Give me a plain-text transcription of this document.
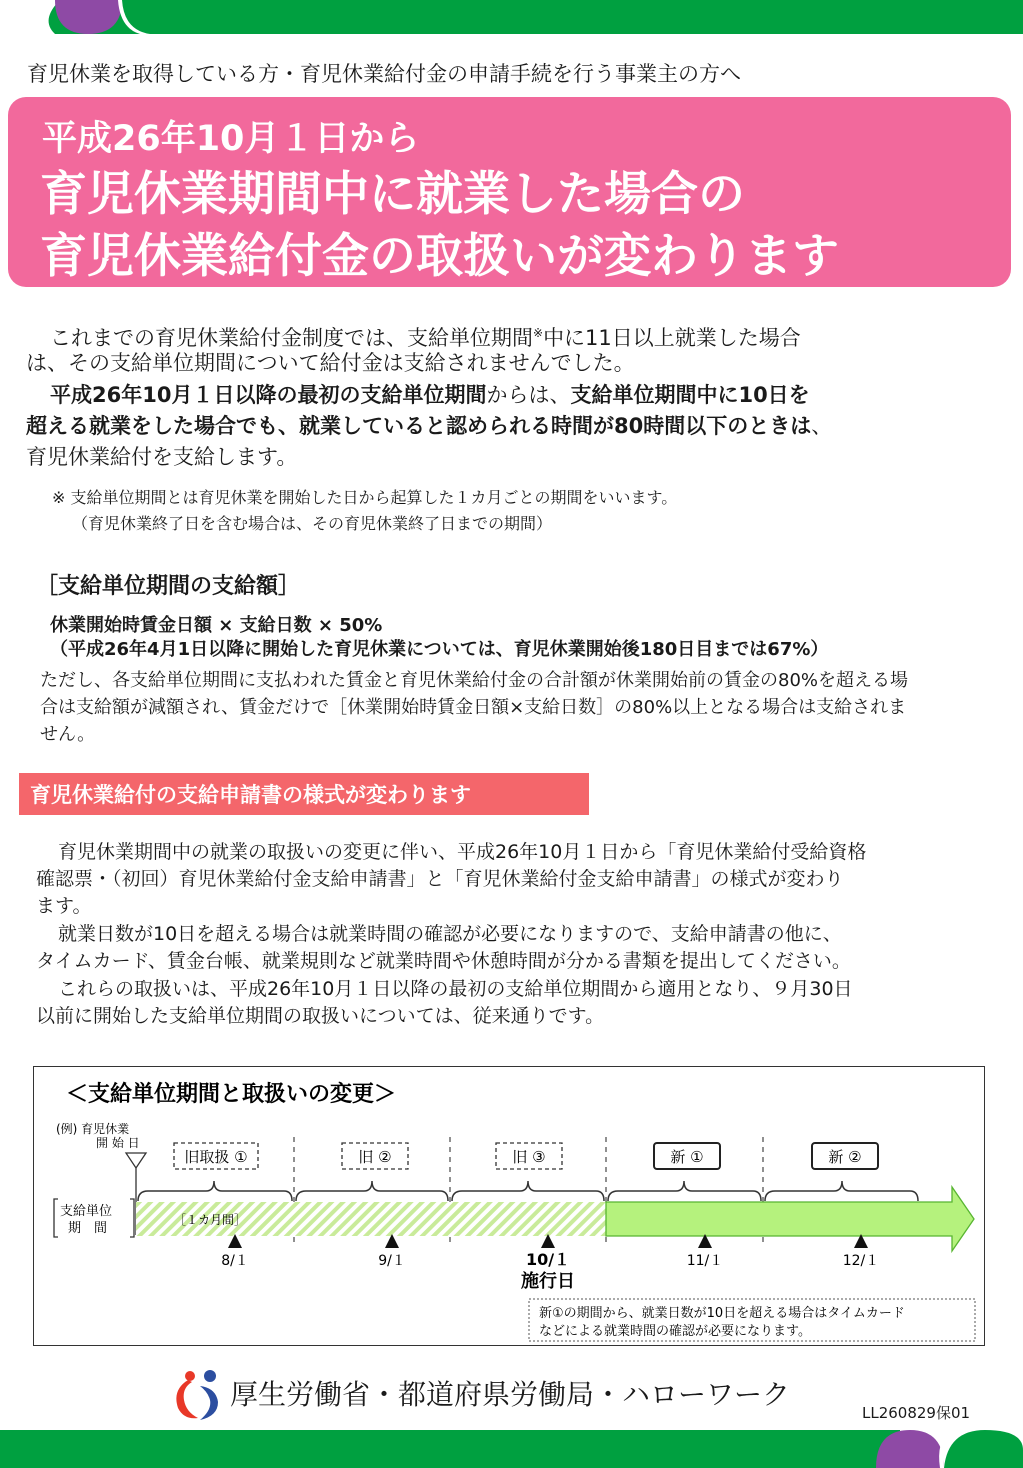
育児休業を取得している方・育児休業給付金の申請手続を行う事業主の方へ
平成26年10月１日から
育児休業期間中に就業した場合の
育児休業給付金の取扱いが変わります
これまでの育児休業給付金制度では、支給単位期間※中に11日以上就業した場合
は、その支給単位期間について給付金は支給されませんでした。
平成26年10月１日以降の最初の支給単位期間からは、支給単位期間中に10日を
超える就業をした場合でも、就業していると認められる時間が80時間以下のときは、
育児休業給付を支給します。
※ 支給単位期間とは育児休業を開始した日から起算した１カ月ごとの期間をいいます。
（育児休業終了日を含む場合は、その育児休業終了日までの期間）
［支給単位期間の支給額］
休業開始時賃金日額 × 支給日数 × 50%
（平成26年4月1日以降に開始した育児休業については、育児休業開始後180日目までは67%）
ただし、各支給単位期間に支払われた賃金と育児休業給付金の合計額が休業開始前の賃金の80%を超える場
合は支給額が減額され、賃金だけで［休業開始時賃金日額×支給日数］の80%以上となる場合は支給されま
せん。
育児休業給付の支給申請書の様式が変わります
育児休業期間中の就業の取扱いの変更に伴い、平成26年10月１日から「育児休業給付受給資格
確認票・（初回）育児休業給付金支給申請書」と「育児休業給付金支給申請書」の様式が変わり
ます。
就業日数が10日を超える場合は就業時間の確認が必要になりますので、支給申請書の他に、
タイムカード、賃金台帳、就業規則など就業時間や休憩時間が分かる書類を提出してください。
これらの取扱いは、平成26年10月１日以降の最初の支給単位期間から適用となり、９月30日
以前に開始した支給単位期間の取扱いについては、従来通りです。
＜支給単位期間と取扱いの変更＞
(例) 育児休業
開 始 日
支給単位
期　間
［１カ月間］
旧取扱 ①	旧 ②	旧 ③	新 ①	新 ②
8/１	9/１	10/１
施行日
11/１	12/１
新①の期間から、就業日数が10日を超える場合はタイムカード
などによる就業時間の確認が必要になります。
厚生労働省・都道府県労働局・ハローワーク
LL260829保01
